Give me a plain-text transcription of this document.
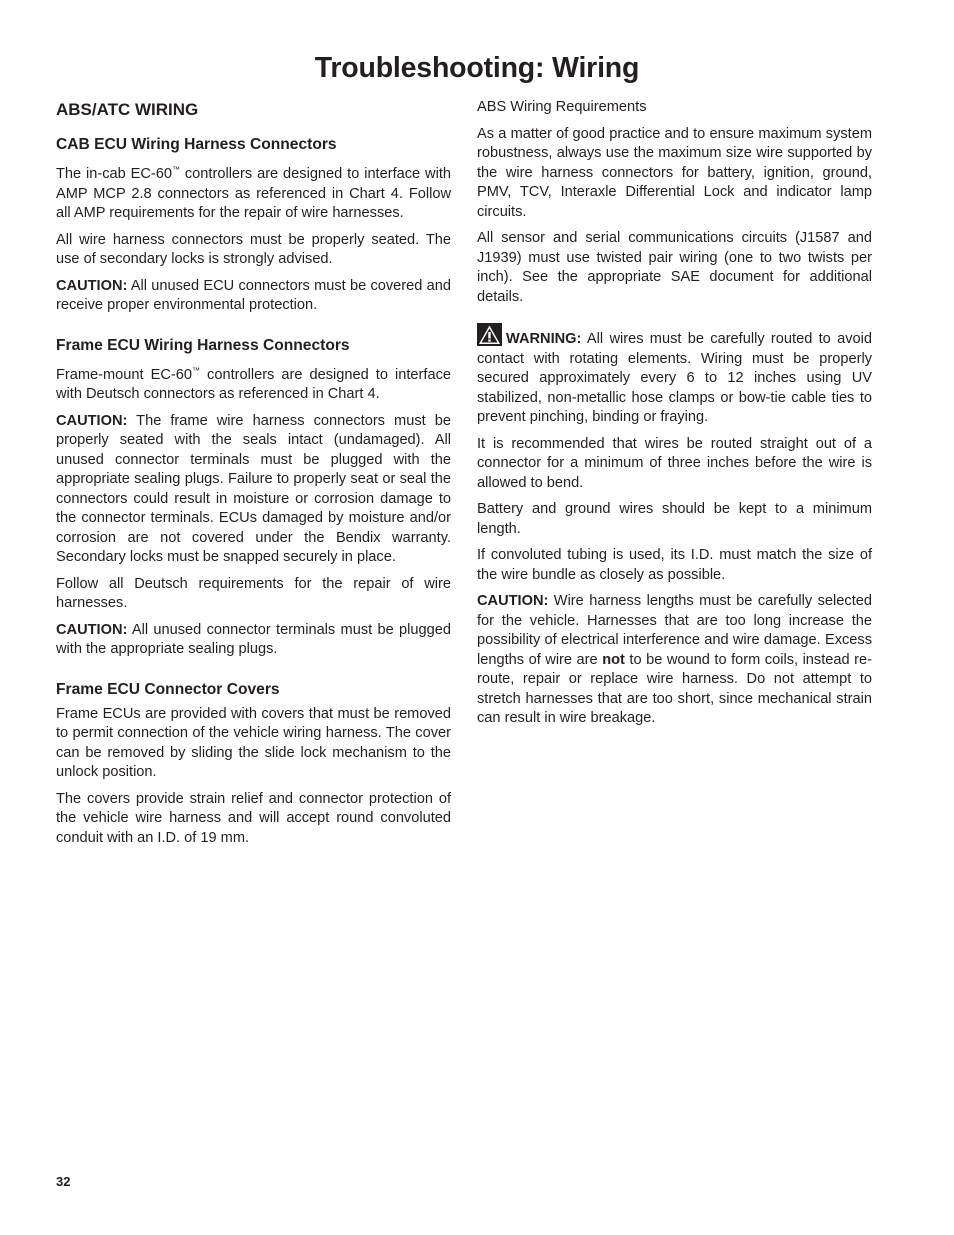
Troubleshooting: Wiring
ABS/ATC WIRING
CAB ECU Wiring Harness Connectors

The in-cab EC-60™ controllers are designed to interface with AMP MCP 2.8 connectors as referenced in Chart 4. Follow all AMP requirements for the repair of wire harnesses.

All wire harness connectors must be properly seated. The use of secondary locks is strongly advised.

CAUTION: All unused ECU connectors must be covered and receive proper environmental protection.

Frame ECU Wiring Harness Connectors

Frame-mount EC-60™ controllers are designed to interface with Deutsch connectors as referenced in Chart 4.

CAUTION: The frame wire harness connectors must be properly seated with the seals intact (undamaged). All unused connector terminals must be plugged with the appropriate sealing plugs. Failure to properly seat or seal the connectors could result in moisture or corrosion damage to the connector terminals. ECUs damaged by moisture and/or corrosion are not covered under the Bendix warranty. Secondary locks must be snapped securely in place.

Follow all Deutsch requirements for the repair of wire harnesses.

CAUTION: All unused connector terminals must be plugged with the appropriate sealing plugs.

Frame ECU Connector Covers

Frame ECUs are provided with covers that must be removed to permit connection of the vehicle wiring harness. The cover can be removed by sliding the slide lock mechanism to the unlock position.

The covers provide strain relief and connector protection of the vehicle wire harness and will accept round convoluted conduit with an I.D. of 19 mm.

ABS Wiring Requirements

As a matter of good practice and to ensure maximum system robustness, always use the maximum size wire supported by the wire harness connectors for battery, ignition, ground, PMV, TCV, Interaxle Differential Lock and indicator lamp circuits.

All sensor and serial communications circuits (J1587 and J1939) must use twisted pair wiring (one to two twists per inch). See the appropriate SAE document for additional details.

WARNING: All wires must be carefully routed to avoid contact with rotating elements. Wiring must be properly secured approximately every 6 to 12 inches using UV stabilized, non-metallic hose clamps or bow-tie cable ties to prevent pinching, binding or fraying.

It is recommended that wires be routed straight out of a connector for a minimum of three inches before the wire is allowed to bend.

Battery and ground wires should be kept to a minimum length.

If convoluted tubing is used, its I.D. must match the size of the wire bundle as closely as possible.

CAUTION: Wire harness lengths must be carefully selected for the vehicle. Harnesses that are too long increase the possibility of electrical interference and wire damage. Excess lengths of wire are not to be wound to form coils, instead re-route, repair or replace wire harness. Do not attempt to stretch harnesses that are too short, since mechanical strain can result in wire breakage.

32
